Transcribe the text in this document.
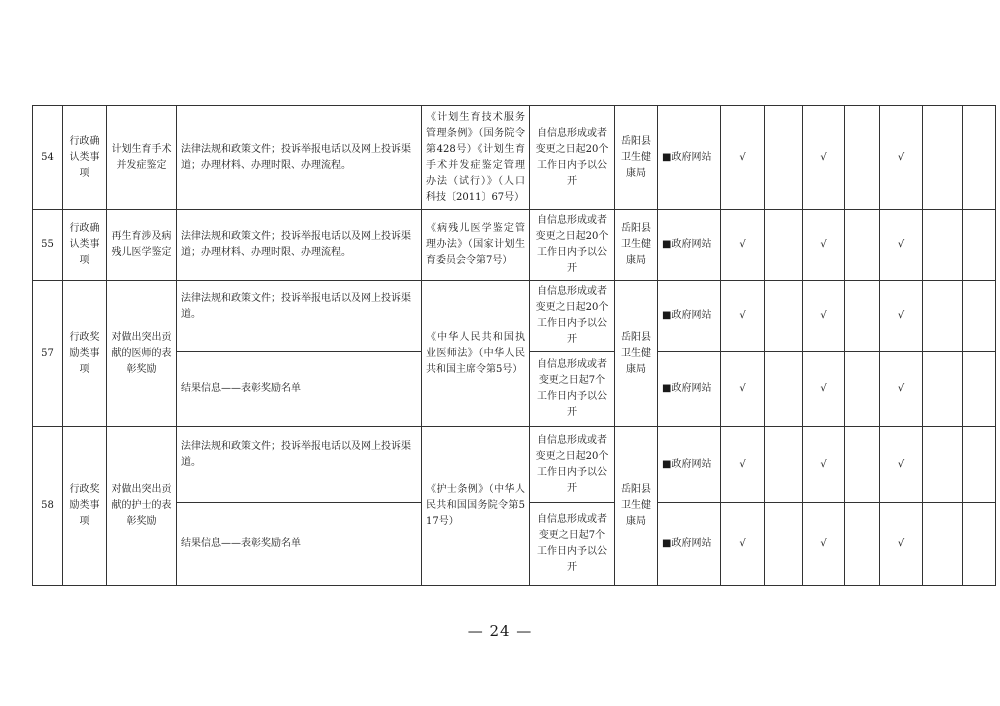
54	行政确认类事项	计划生育手术并发症鉴定	法律法规和政策文件；投诉举报电话以及网上投诉渠道；办理材料、办理时限、办理流程。	《计划生育技术服务管理条例》（国务院令第428号）《计划生育手术并发症鉴定管理办法（试行）》（人口科技〔2011〕67号）	自信息形成或者变更之日起20个工作日内予以公开	岳阳县卫生健康局	■政府网站	√		√		√		
55	行政确认类事项	再生育涉及病残儿医学鉴定	法律法规和政策文件；投诉举报电话以及网上投诉渠道；办理材料、办理时限、办理流程。	《病残儿医学鉴定管理办法》（国家计划生育委员会令第7号）	自信息形成或者变更之日起20个工作日内予以公开	岳阳县卫生健康局	■政府网站	√		√		√		
57	行政奖励类事项	对做出突出贡献的医师的表彰奖励	法律法规和政策文件；投诉举报电话以及网上投诉渠道。	《中华人民共和国执业医师法》（中华人民共和国主席令第5号）	自信息形成或者变更之日起20个工作日内予以公开	岳阳县卫生健康局	■政府网站	√		√		√		
			结果信息——表彰奖励名单		自信息形成或者变更之日起7个工作日内予以公开		■政府网站	√		√		√		
58	行政奖励类事项	对做出突出贡献的护士的表彰奖励	法律法规和政策文件；投诉举报电话以及网上投诉渠道。	《护士条例》（中华人民共和国国务院令第517号）	自信息形成或者变更之日起20个工作日内予以公开	岳阳县卫生健康局	■政府网站	√		√		√		
			结果信息——表彰奖励名单		自信息形成或者变更之日起7个工作日内予以公开		■政府网站	√		√		√		
— 24 —
